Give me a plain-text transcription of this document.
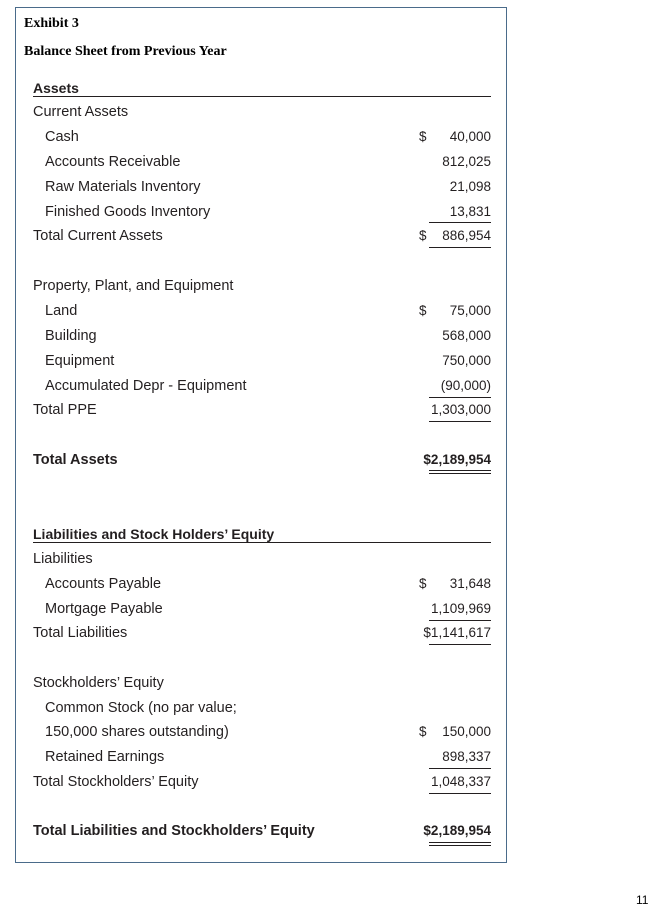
Exhibit 3
Balance Sheet from Previous Year
Assets
Current Assets
Cash	$ 40,000
Accounts Receivable	812,025
Raw Materials Inventory	21,098
Finished Goods Inventory	13,831
Total Current Assets	$ 886,954
Property, Plant, and Equipment
Land	$ 75,000
Building	568,000
Equipment	750,000
Accumulated Depr - Equipment	(90,000)
Total PPE	1,303,000
Total Assets	$2,189,954
Liabilities and Stock Holders’ Equity
Liabilities
Accounts Payable	$ 31,648
Mortgage Payable	1,109,969
Total Liabilities	$1,141,617
Stockholders’ Equity
Common Stock (no par value;
150,000 shares outstanding)	$ 150,000
Retained Earnings	898,337
Total Stockholders’ Equity	1,048,337
Total Liabilities and Stockholders’ Equity	$2,189,954
11
